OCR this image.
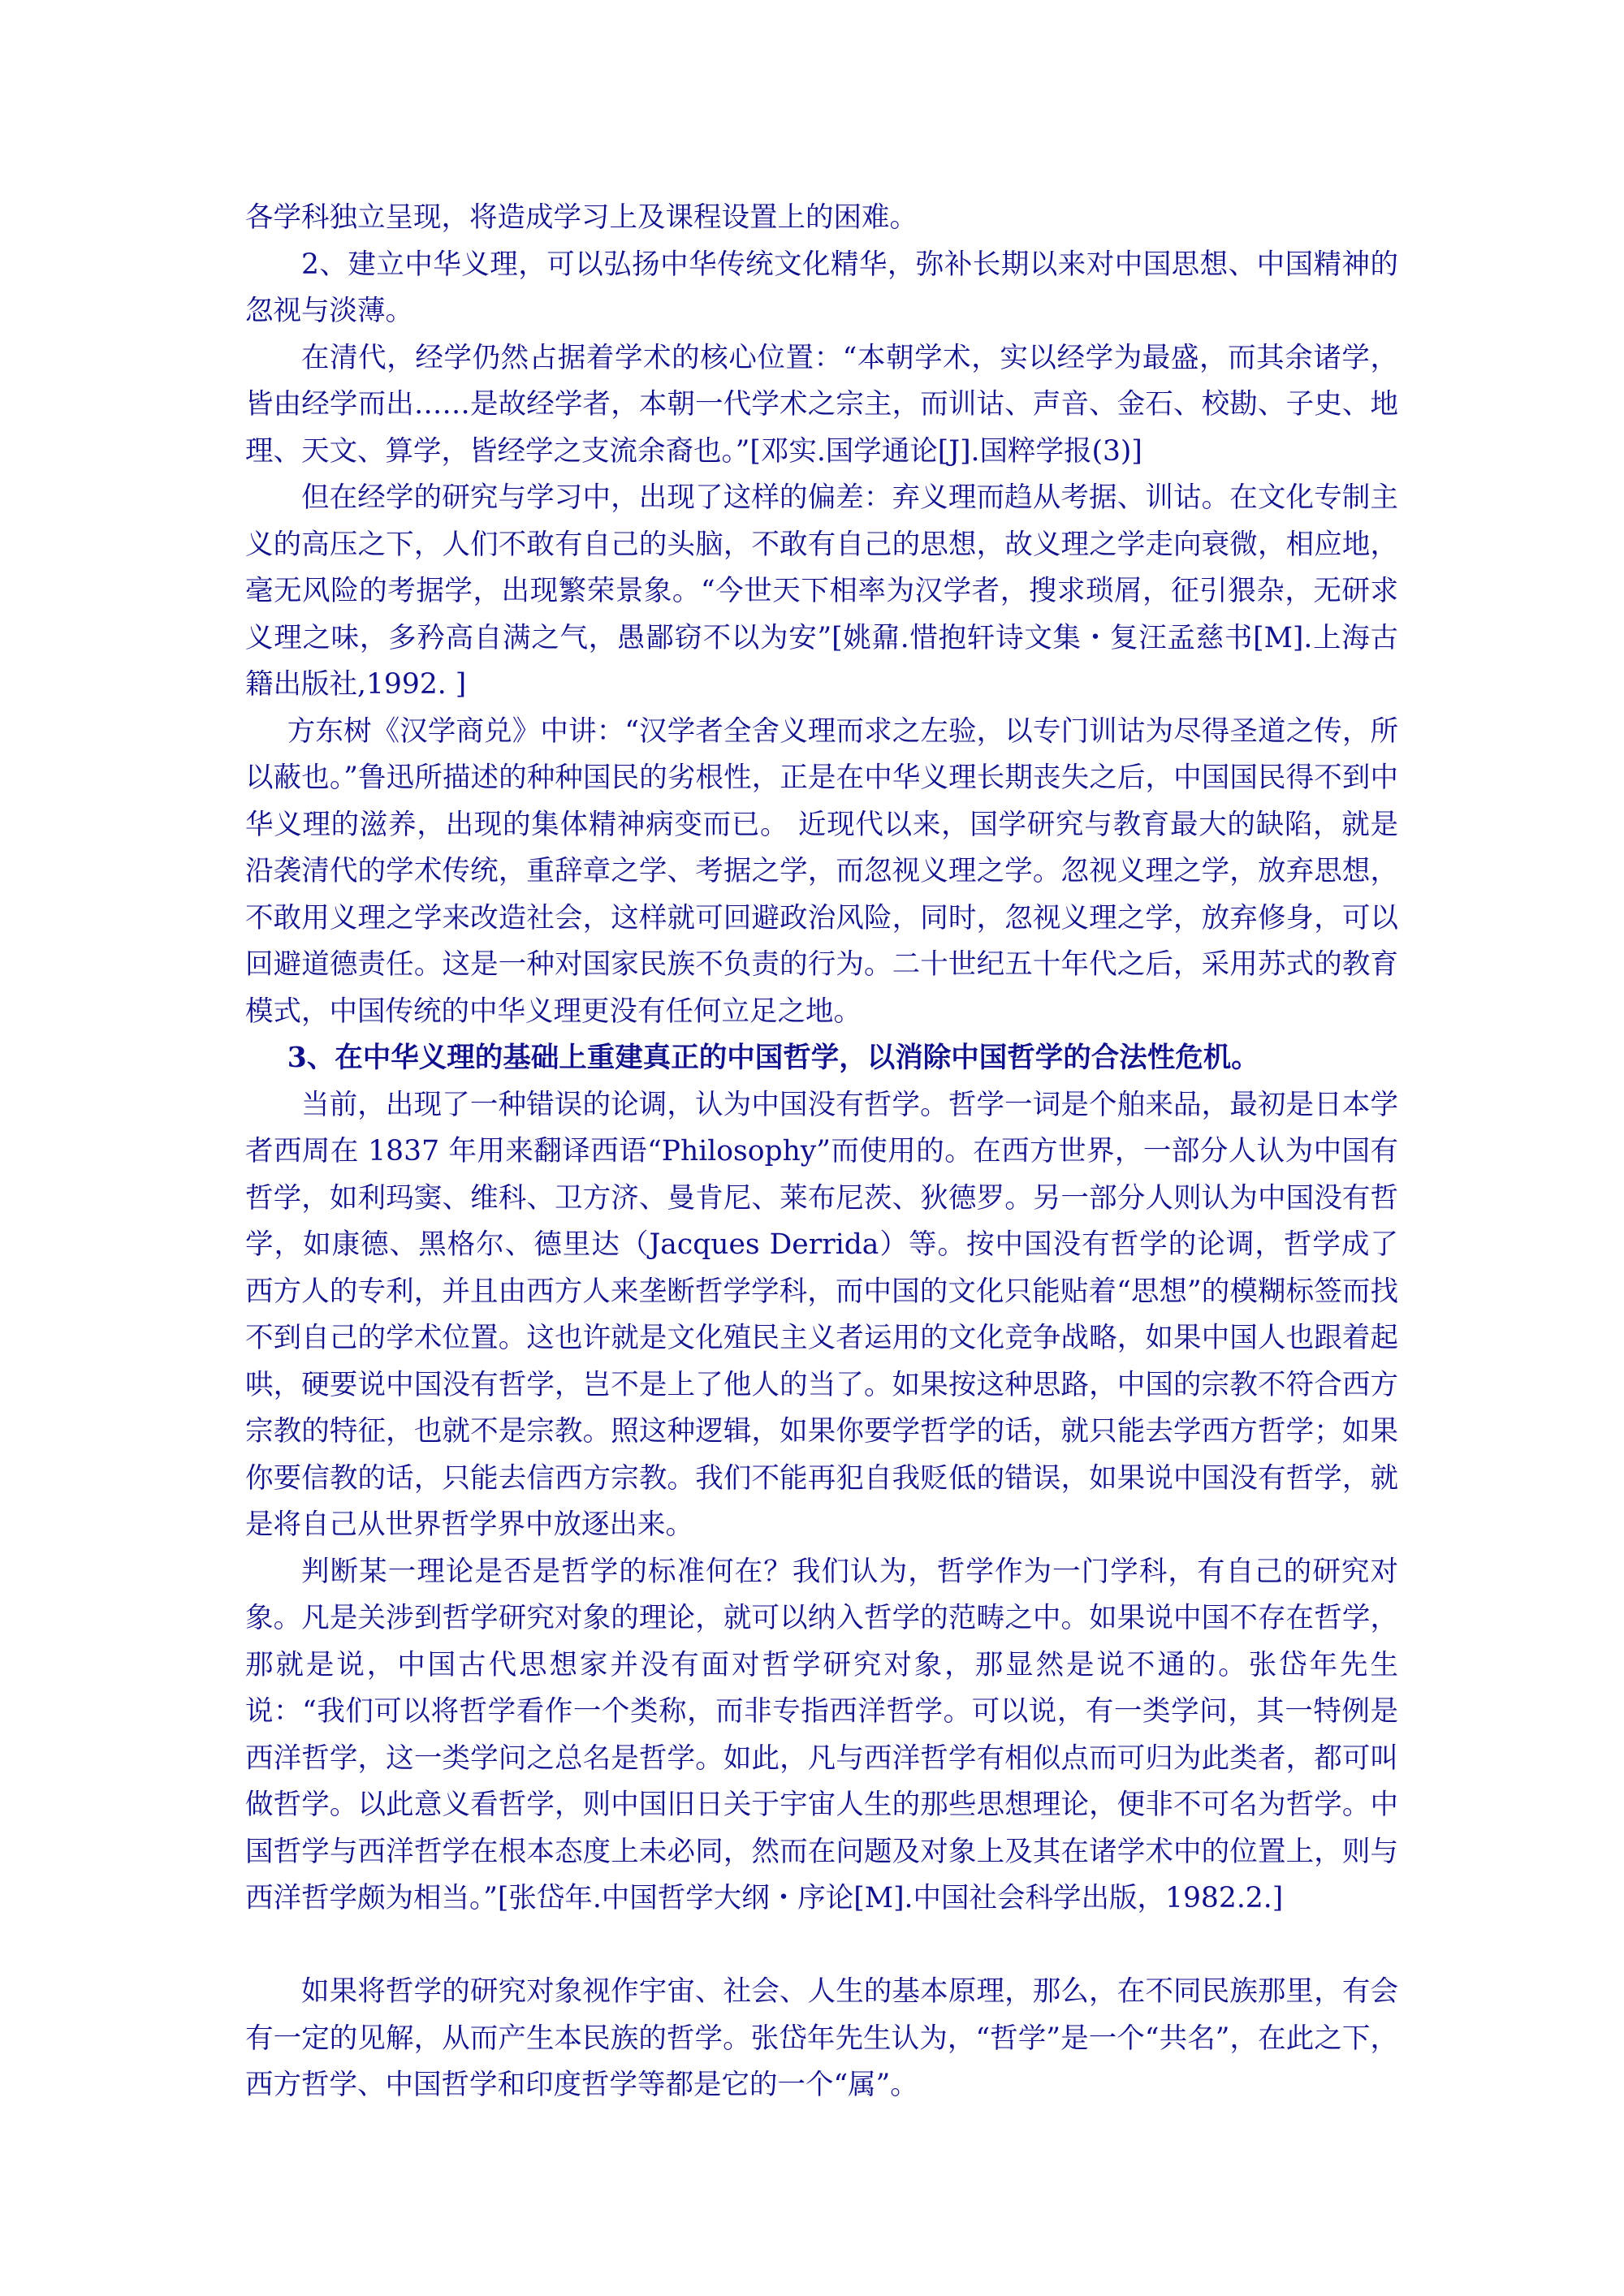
各学科独立呈现，将造成学习上及课程设置上的困难。

2、建立中华义理，可以弘扬中华传统文化精华，弥补长期以来对中国思想、中国精神的忽视与淡薄。

在清代，经学仍然占据着学术的核心位置：“本朝学术，实以经学为最盛，而其余诸学，皆由经学而出……是故经学者，本朝一代学术之宗主，而训诂、声音、金石、校勘、子史、地理、天文、算学，皆经学之支流余裔也。”[邓实.国学通论[J].国粹学报(3)]

但在经学的研究与学习中，出现了这样的偏差：弃义理而趋从考据、训诂。在文化专制主义的高压之下，人们不敢有自己的头脑，不敢有自己的思想，故义理之学走向衰微，相应地，毫无风险的考据学，出现繁荣景象。“今世天下相率为汉学者，搜求琐屑，征引猥杂，无研求义理之味，多矜高自满之气，愚鄙窃不以为安”[姚鼐.惜抱轩诗文集・复汪孟慈书[M].上海古籍出版社,1992. ]

方东树《汉学商兑》中讲：“汉学者全舍义理而求之左验，以专门训诂为尽得圣道之传，所以蔽也。”鲁迅所描述的种种国民的劣根性，正是在中华义理长期丧失之后，中国国民得不到中华义理的滋养，出现的集体精神病变而已。 近现代以来，国学研究与教育最大的缺陷，就是沿袭清代的学术传统，重辞章之学、考据之学，而忽视义理之学。忽视义理之学，放弃思想，不敢用义理之学来改造社会，这样就可回避政治风险，同时，忽视义理之学，放弃修身，可以回避道德责任。这是一种对国家民族不负责的行为。二十世纪五十年代之后，采用苏式的教育模式，中国传统的中华义理更没有任何立足之地。

3、在中华义理的基础上重建真正的中国哲学，以消除中国哲学的合法性危机。

当前，出现了一种错误的论调，认为中国没有哲学。哲学一词是个舶来品，最初是日本学者西周在 1837 年用来翻译西语“Philosophy”而使用的。在西方世界，一部分人认为中国有哲学，如利玛窦、维科、卫方济、曼肯尼、莱布尼茨、狄德罗。另一部分人则认为中国没有哲学，如康德、黑格尔、德里达（Jacques Derrida）等。按中国没有哲学的论调，哲学成了西方人的专利，并且由西方人来垄断哲学学科，而中国的文化只能贴着“思想”的模糊标签而找不到自己的学术位置。这也许就是文化殖民主义者运用的文化竞争战略，如果中国人也跟着起哄，硬要说中国没有哲学，岂不是上了他人的当了。如果按这种思路，中国的宗教不符合西方宗教的特征，也就不是宗教。照这种逻辑，如果你要学哲学的话，就只能去学西方哲学；如果你要信教的话，只能去信西方宗教。我们不能再犯自我贬低的错误，如果说中国没有哲学，就是将自己从世界哲学界中放逐出来。

判断某一理论是否是哲学的标准何在？我们认为，哲学作为一门学科，有自己的研究对象。凡是关涉到哲学研究对象的理论，就可以纳入哲学的范畴之中。如果说中国不存在哲学，那就是说，中国古代思想家并没有面对哲学研究对象，那显然是说不通的。张岱年先生说：“我们可以将哲学看作一个类称，而非专指西洋哲学。可以说，有一类学问，其一特例是西洋哲学，这一类学问之总名是哲学。如此，凡与西洋哲学有相似点而可归为此类者，都可叫做哲学。以此意义看哲学，则中国旧日关于宇宙人生的那些思想理论，便非不可名为哲学。中国哲学与西洋哲学在根本态度上未必同，然而在问题及对象上及其在诸学术中的位置上，则与西洋哲学颇为相当。”[张岱年.中国哲学大纲・序论[M].中国社会科学出版，1982.2.]

如果将哲学的研究对象视作宇宙、社会、人生的基本原理，那么，在不同民族那里，有会有一定的见解，从而产生本民族的哲学。张岱年先生认为，“哲学”是一个“共名”，在此之下，西方哲学、中国哲学和印度哲学等都是它的一个“属”。
